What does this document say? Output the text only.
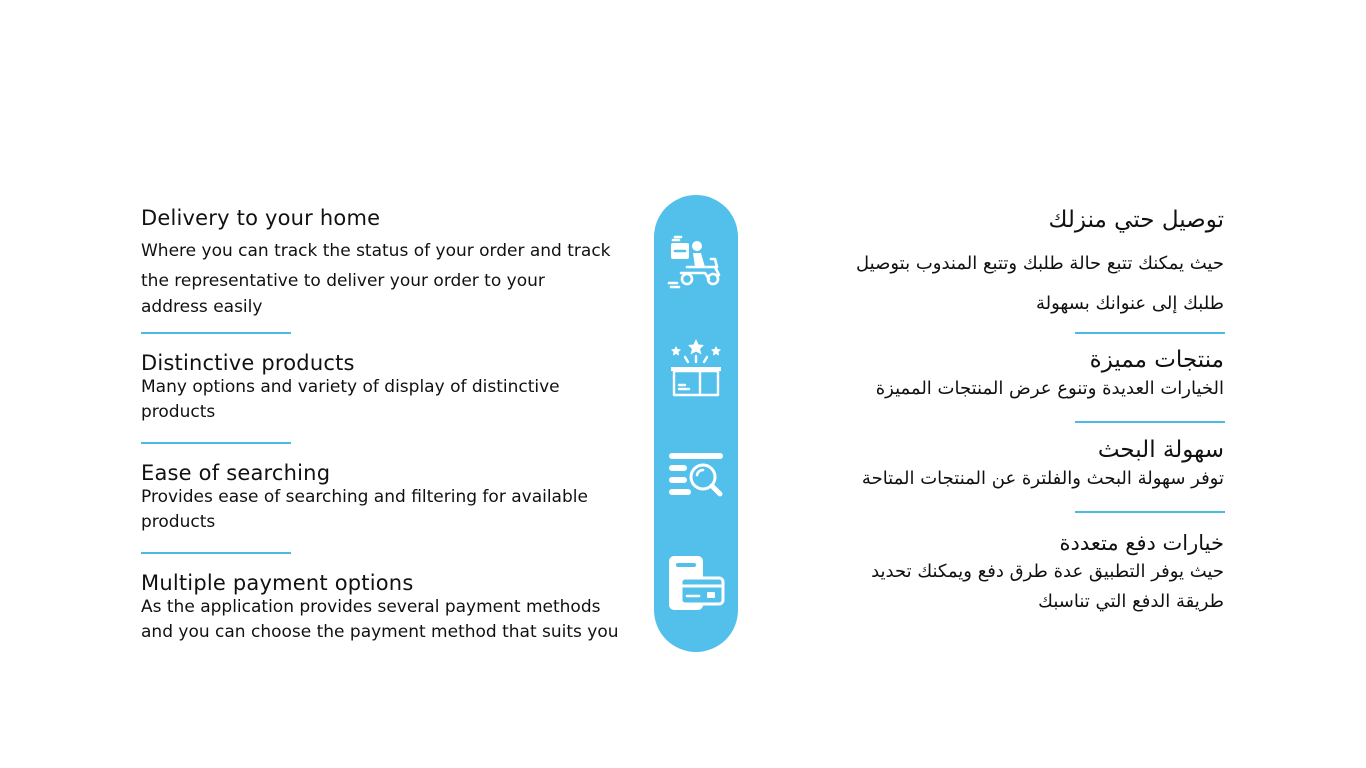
Delivery to your home

Where you can track the status of your order and track
the representative to deliver your order to your
address easily

Distinctive products

Many options and variety of display of distinctive
products

Ease of searching

Provides ease of searching and filtering for available
products

Multiple payment options

As the application provides several payment methods
and you can choose the payment method that suits you

توصيل حتي منزلك

حيث يمكنك تتبع حالة طلبك وتتبع المندوب بتوصيل
طلبك إلى عنوانك بسهولة

منتجات مميزة

الخيارات العديدة وتنوع عرض المنتجات المميزة

سهولة البحث

توفر سهولة البحث والفلترة عن المنتجات المتاحة

خيارات دفع متعددة

حيث يوفر التطبيق عدة طرق دفع ويمكنك تحديد
طريقة الدفع التي تناسبك
